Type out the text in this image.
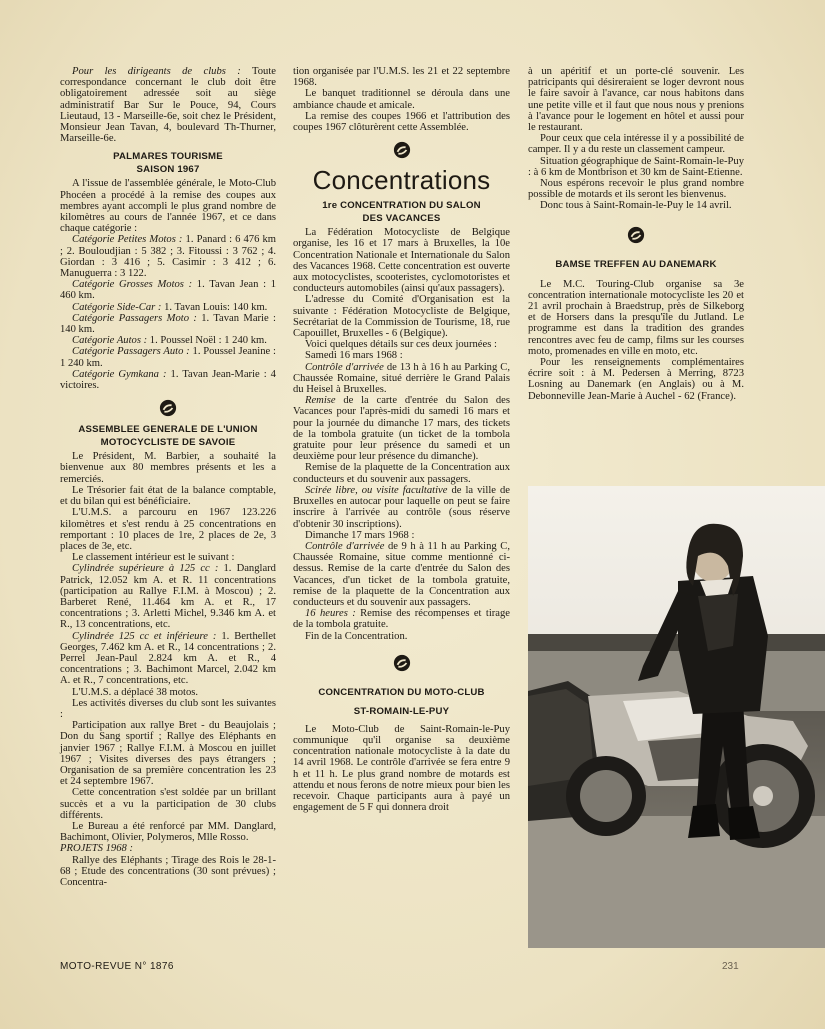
Pour les dirigeants de clubs : Toute correspondance concernant le club doit être obligatoirement adressée soit au siège administratif Bar Sur le Pouce, 94, Cours Lieutaud, 13 - Marseille-6e, soit chez le Président, Monsieur Jean Tavan, 4, boulevard Th-Thurner, Marseille-6e.

PALMARES TOURISME
SAISON 1967

A l'issue de l'assemblée générale, le Moto-Club Phocéen a procédé à la remise des coupes aux membres ayant accompli le plus grand nombre de kilomètres au cours de l'année 1967, et ce dans chaque catégorie :

Catégorie Petites Motos : 1. Panard : 6 476 km ; 2. Bouloudjian : 5 382 ; 3. Fitoussi : 3 762 ; 4. Giordan : 3 416 ; 5. Casimir : 3 412 ; 6. Manuguerra : 3 122.

Catégorie Grosses Motos : 1. Tavan Jean : 1 460 km.

Catégorie Side-Car : 1. Tavan Louis: 140 km.

Catégorie Passagers Moto : 1. Tavan Marie : 140 km.

Catégorie Autos : 1. Poussel Noël : 1 240 km.

Catégorie Passagers Auto : 1. Poussel Jeanine : 1 240 km.

Catégorie Gymkana : 1. Tavan Jean-Marie : 4 victoires.

ASSEMBLEE GENERALE DE L'UNION MOTOCYCLISTE DE SAVOIE

Le Président, M. Barbier, a souhaité la bienvenue aux 80 membres présents et les a remerciés.

Le Trésorier fait état de la balance comptable, et du bilan qui est bénéficiaire.

L'U.M.S. a parcouru en 1967 123.226 kilomètres et s'est rendu à 25 concentrations en remportant : 10 places de 1re, 2 places de 2e, 3 places de 3e, etc.

Le classement intérieur est le suivant :

Cylindrée supérieure à 125 cc : 1. Danglard Patrick, 12.052 km A. et R. 11 concentrations (participation au Rallye F.I.M. à Moscou) ; 2. Barberet René, 11.464 km A. et R., 17 concentrations ; 3. Arletti Michel, 9.346 km A. et R., 13 concentrations, etc.

Cylindrée 125 cc et inférieure : 1. Berthellet Georges, 7.462 km A. et R., 14 concentrations ; 2. Perrel Jean-Paul 2.824 km A. et R., 4 concentrations ; 3. Bachimont Marcel, 2.042 km A. et R., 7 concentrations, etc.

L'U.M.S. a déplacé 38 motos.

Les activités diverses du club sont les suivantes :

Participation aux rallye Bret - du Beaujolais ; Don du Sang sportif ; Rallye des Eléphants en janvier 1967 ; Rallye F.I.M. à Moscou en juillet 1967 ; Visites diverses des pays étrangers ; Organisation de sa première concentration les 23 et 24 septembre 1967.

Cette concentration s'est soldée par un brillant succès et a vu la participation de 30 clubs différents.

Le Bureau a été renforcé par MM. Danglard, Bachimont, Olivier, Polymeros, Mlle Rosso.

PROJETS 1968 :

Rallye des Eléphants ; Tirage des Rois le 28-1-68 ; Etude des concentrations (30 sont prévues) ; Concentra-

tion organisée par l'U.M.S. les 21 et 22 septembre 1968.

Le banquet traditionnel se déroula dans une ambiance chaude et amicale.

La remise des coupes 1966 et l'attribution des coupes 1967 clôturèrent cette Assemblée.

Concentrations
1re CONCENTRATION DU SALON DES VACANCES

La Fédération Motocycliste de Belgique organise, les 16 et 17 mars à Bruxelles, la 10e Concentration Nationale et Internationale du Salon des Vacances 1968. Cette concentration est ouverte aux motocyclistes, scooteristes, cyclomotoristes et conducteurs automobiles (ainsi qu'aux passagers).

L'adresse du Comité d'Organisation est la suivante : Fédération Motocycliste de Belgique, Secrétariat de la Commission de Tourisme, 18, rue Capouillet, Bruxelles - 6 (Belgique).

Voici quelques détails sur ces deux journées :

Samedi 16 mars 1968 :

Contrôle d'arrivée de 13 h à 16 h au Parking C, Chaussée Romaine, situé derrière le Grand Palais du Heisel à Bruxelles.

Remise de la carte d'entrée du Salon des Vacances pour l'après-midi du samedi 16 mars et pour la journée du dimanche 17 mars, des tickets de la tombola gratuite (un ticket de la tombola gratuite pour leur présence du samedi et un deuxième pour leur présence du dimanche).

Remise de la plaquette de la Concentration aux conducteurs et du souvenir aux passagers.

Scirée libre, ou visite facultative de la ville de Bruxelles en autocar pour laquelle on peut se faire inscrire à l'arrivée au contrôle (sous réserve d'obtenir 30 inscriptions).

Dimanche 17 mars 1968 :

Contrôle d'arrivée de 9 h à 11 h au Parking C, Chaussée Romaine, situe comme mentionné ci-dessus. Remise de la carte d'entrée du Salon des Vacances, d'un ticket de la tombola gratuite, remise de la plaquette de la Concentration aux conducteurs et du souvenir aux passagers.

16 heures : Remise des récompenses et tirage de la tombola gratuite.

Fin de la Concentration.

CONCENTRATION DU MOTO-CLUB
ST-ROMAIN-LE-PUY

Le Moto-Club de Saint-Romain-le-Puy communique qu'il organise sa deuxième concentration nationale motocycliste à la date du 14 avril 1968. Le contrôle d'arrivée se fera entre 9 h et 11 h. Le plus grand nombre de motards est attendu et nous ferons de notre mieux pour bien les recevoir. Chaque participants aura à payé un engagement de 5 F qui donnera droit

à un apéritif et un porte-clé souvenir. Les patricipants qui désireraient se loger devront nous le faire savoir à l'avance, car nous habitons dans une petite ville et il faut que nous nous y prenions à l'avance pour le logement en hôtel et aussi pour le restaurant.

Pour ceux que cela intéresse il y a possibilité de camper. Il y a du reste un classement campeur.

Situation géographique de Saint-Romain-le-Puy : à 6 km de Montbrison et 30 km de Saint-Etienne.

Nous espérons recevoir le plus grand nombre possible de motards et ils seront les bienvenus.

Donc tous à Saint-Romain-le-Puy le 14 avril.

BAMSE TREFFEN AU DANEMARK

Le M.C. Touring-Club organise sa 3e concentration internationale motocycliste les 20 et 21 avril prochain à Braedstrup, près de Silkeborg et de Horsers dans la presqu'île du Jutland. Le programme est dans la tradition des grandes rencontres avec feu de camp, films sur les courses moto, promenades en ville en moto, etc.

Pour les renseignements complémentaires écrire soit : à M. Pedersen à Merring, 8723 Losning au Danemark (en Anglais) ou à M. Debonneville Jean-Marie à Auchel - 62 (France).

MOTO-REVUE N° 1876	231
